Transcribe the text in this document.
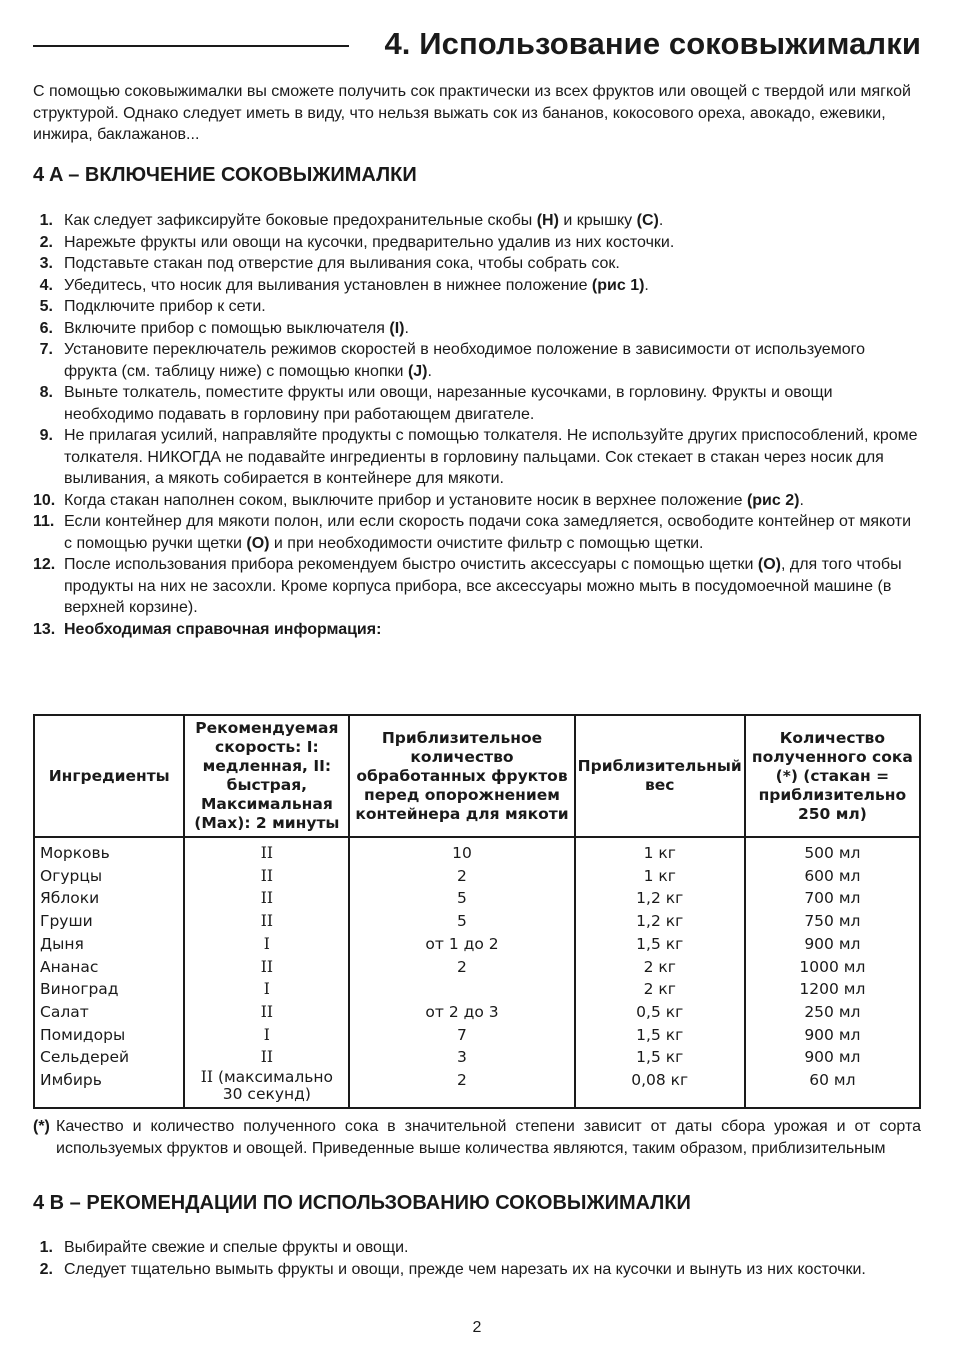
4. Использование соковыжималки
С помощью соковыжималки вы сможете получить сок практически из всех фруктов или овощей с твердой или мягкой структурой. Однако следует иметь в виду, что нельзя выжать сок из бананов, кокосового ореха, авокадо, ежевики, инжира, баклажанов...
4 A – ВКЛЮЧЕНИЕ СОКОВЫЖИМАЛКИ
1. Как следует зафиксируйте боковые предохранительные скобы (H) и крышку (C).
2. Нарежьте фрукты или овощи на кусочки, предварительно удалив из них косточки.
3. Подставьте стакан под отверстие для выливания сока, чтобы собрать сок.
4. Убедитесь, что носик для выливания установлен в нижнее положение (рис 1).
5. Подключите прибор к сети.
6. Включите прибор с помощью выключателя (I).
7. Установите переключатель режимов скоростей в необходимое положение в зависимости от используемого фрукта (см. таблицу ниже) с помощью кнопки (J).
8. Выньте толкатель, поместите фрукты или овощи, нарезанные кусочками, в горловину. Фрукты и овощи необходимо подавать в горловину при работающем двигателе.
9. Не прилагая усилий, направляйте продукты с помощью толкателя. Не используйте других приспособлений, кроме толкателя. НИКОГДА не подавайте ингредиенты в горловину пальцами. Сок стекает в стакан через носик для выливания, а мякоть собирается в контейнере для мякоти.
10. Когда стакан наполнен соком, выключите прибор и установите носик в верхнее положение (рис 2).
11. Если контейнер для мякоти полон, или если скорость подачи сока замедляется, освободите контейнер от мякоти с помощью ручки щетки (O) и при необходимости очистите фильтр с помощью щетки.
12. После использования прибора рекомендуем быстро очистить аксессуары с помощью щетки (O), для того чтобы продукты на них не засохли. Кроме корпуса прибора, все аксессуары можно мыть в посудомоечной машине (в верхней корзине).
13. Необходимая справочная информация:
Ингредиенты	Рекомендуемая скорость: I: медленная, II: быстрая, Максимальная (Max): 2 минуты	Приблизительное количество обработанных фруктов перед опорожнением контейнера для мякоти	Приблизительный вес	Количество полученного сока (*) (стакан = приблизительно 250 мл)
Морковь	II	10	1 кг	500 мл
Огурцы	II	2	1 кг	600 мл
Яблоки	II	5	1,2 кг	700 мл
Груши	II	5	1,2 кг	750 мл
Дыня	I	от 1 до 2	1,5 кг	900 мл
Ананас	II	2	2 кг	1000 мл
Виноград	I		2 кг	1200 мл
Салат	II	от 2 до 3	0,5 кг	250 мл
Помидоры	I	7	1,5 кг	900 мл
Сельдерей	II	3	1,5 кг	900 мл
Имбирь	II (максимально 30 секунд)	2	0,08 кг	60 мл
(*) Качество и количество полученного сока в значительной степени зависит от даты сбора урожая и от сорта используемых фруктов и овощей. Приведенные выше количества являются, таким образом, приблизительным
4 B – РЕКОМЕНДАЦИИ ПО ИСПОЛЬЗОВАНИЮ СОКОВЫЖИМАЛКИ
1. Выбирайте свежие и спелые фрукты и овощи.
2. Следует тщательно вымыть фрукты и овощи, прежде чем нарезать их на кусочки и вынуть из них косточки.
2
